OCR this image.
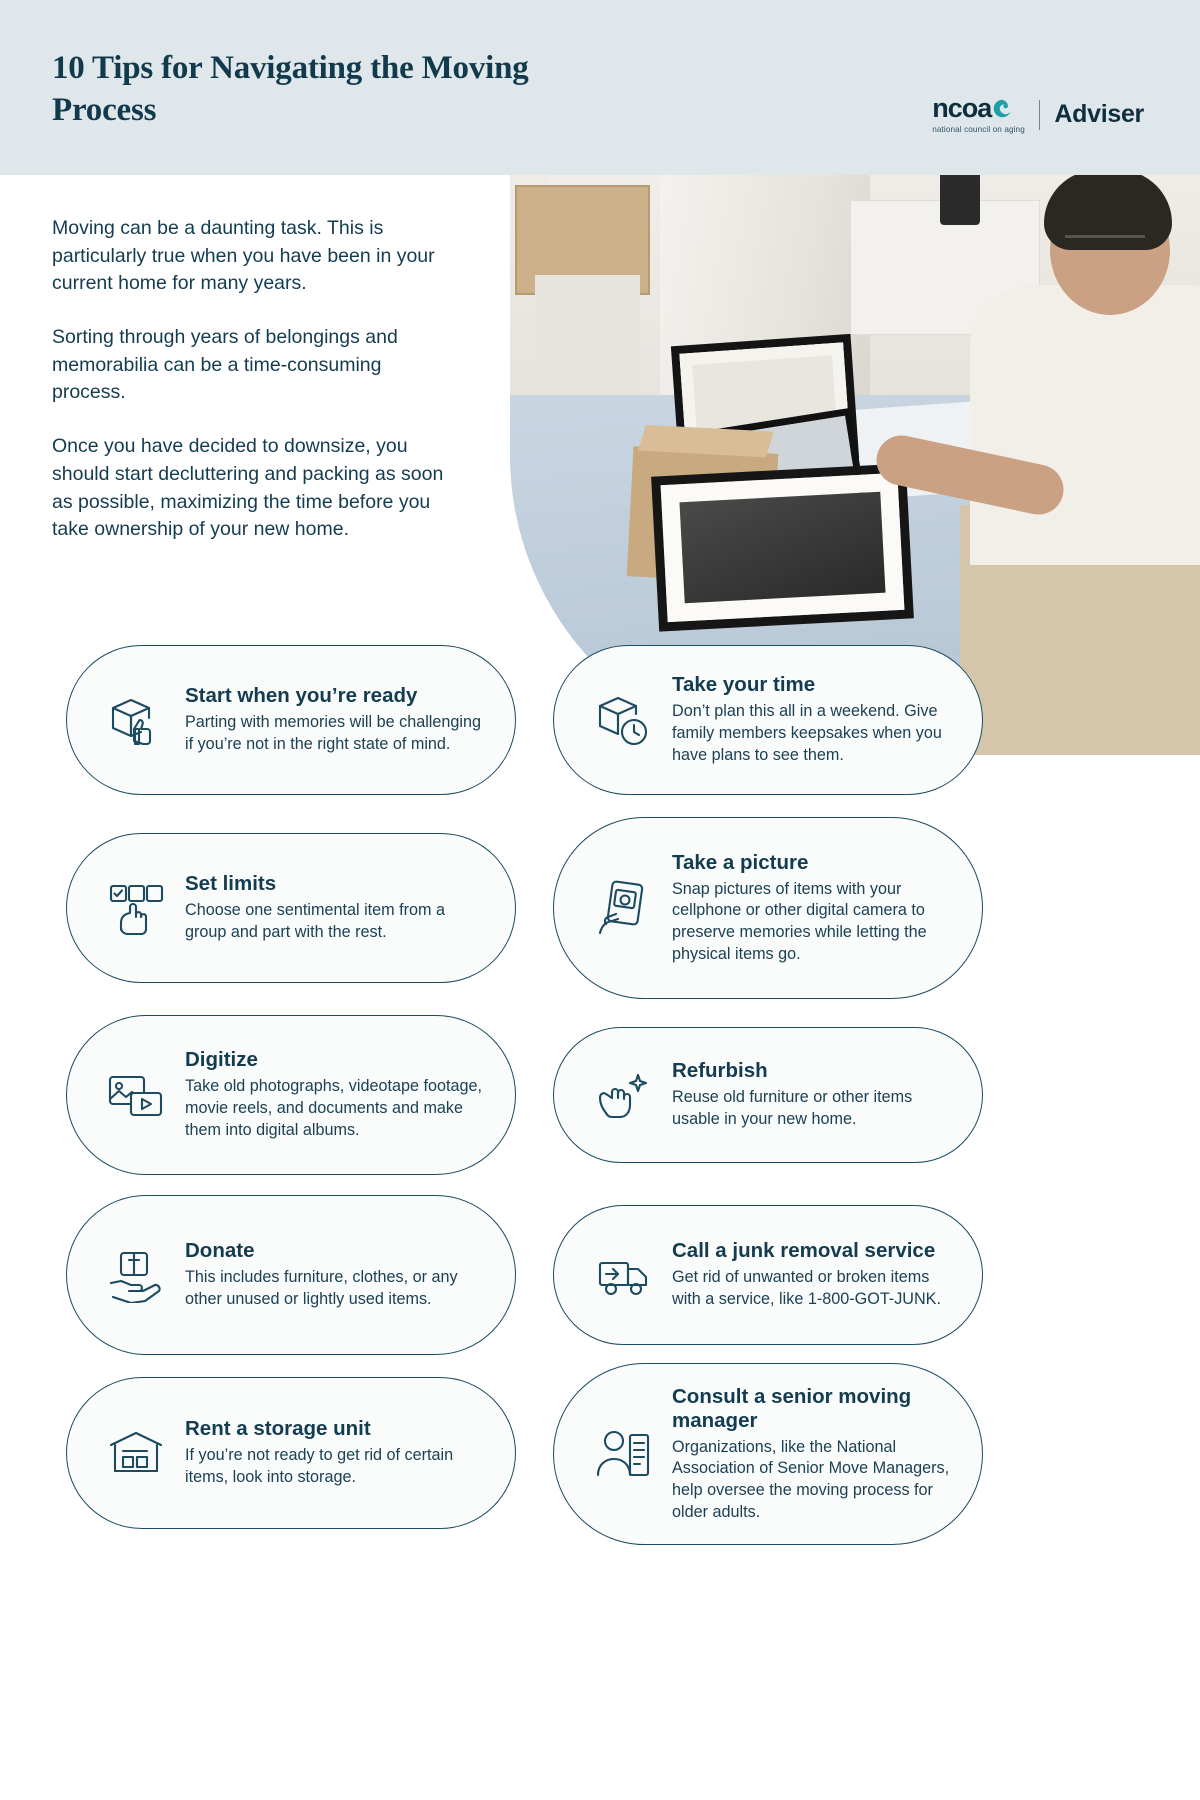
10 Tips for Navigating the Moving Process	ncoa
national council on aging
Adviser

Moving can be a daunting task. This is particularly true when you have been in your current home for many years.

Sorting through years of belongings and memorabilia can be a time-consuming process.

Once you have decided to downsize, you should start decluttering and packing as soon as possible, maximizing the time before you take ownership of your new home.

Start when you’re ready
Parting with memories will be challenging if you’re not in the right state of mind.
Take your time
Don’t plan this all in a weekend. Give family members keepsakes when you have plans to see them.
Set limits
Choose one sentimental item from a group and part with the rest.
Take a picture
Snap pictures of items with your cellphone or other digital camera to preserve memories while letting the physical items go.
Digitize
Take old photographs, videotape footage, movie reels, and documents and make them into digital albums.
Refurbish
Reuse old furniture or other items usable in your new home.
Donate
This includes furniture, clothes, or any other unused or lightly used items.
Call a junk removal service
Get rid of unwanted or broken items with a service, like 1-800-GOT-JUNK.
Rent a storage unit
If you’re not ready to get rid of certain items, look into storage.
Consult a senior moving manager
Organizations, like the National Association of Senior Move Managers, help oversee the moving process for older adults.
